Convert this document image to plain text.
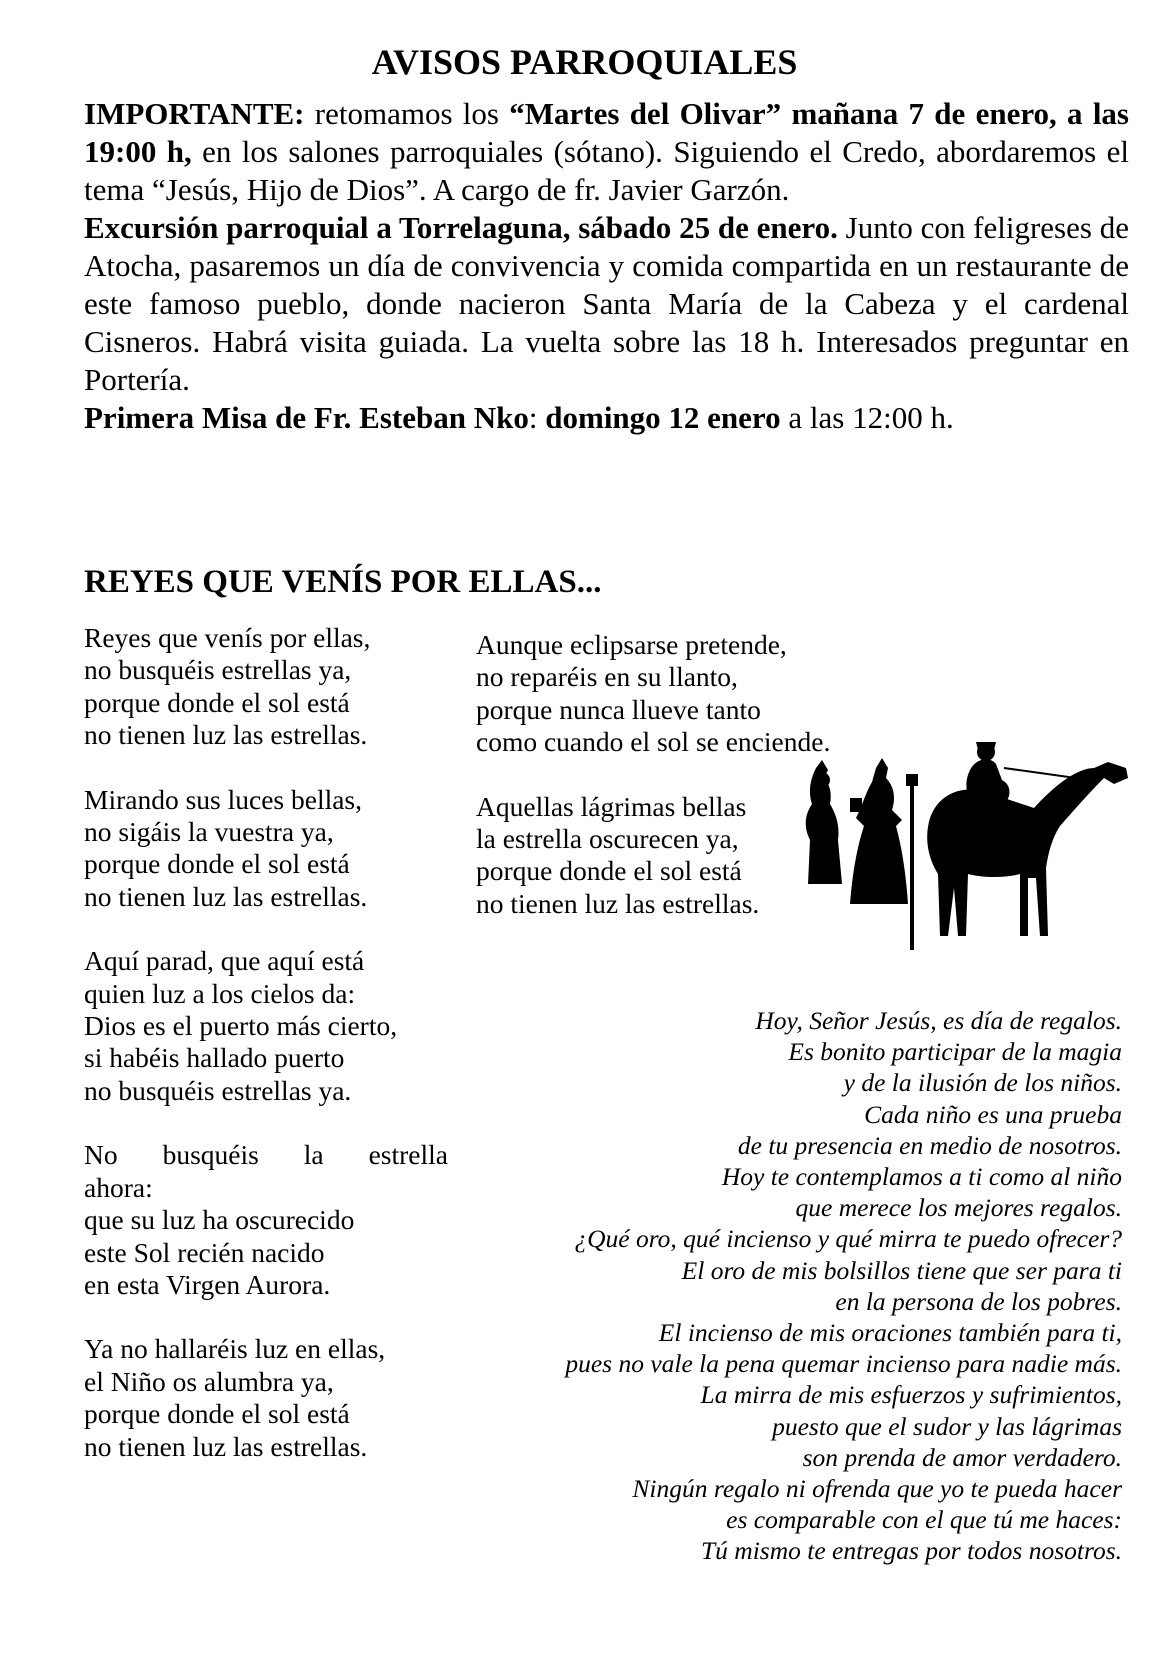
AVISOS PARROQUIALES

IMPORTANTE: retomamos los “Martes del Olivar” mañana 7 de enero, a las 19:00 h, en los salones parroquiales (sótano). Siguiendo el Credo, abordaremos el tema “Jesús, Hijo de Dios”. A cargo de fr. Javier Garzón.

Excursión parroquial a Torrelaguna, sábado 25 de enero. Junto con feligreses de Atocha, pasaremos un día de convivencia y comida compartida en un restaurante de este famoso pueblo, donde nacieron Santa María de la Cabeza y el cardenal Cisneros. Habrá visita guiada. La vuelta sobre las 18 h. Interesados preguntar en Portería.

Primera Misa de Fr. Esteban Nko: domingo 12 enero a las 12:00 h.

REYES QUE VENÍS POR ELLAS...
Reyes que venís por ellas,
no busquéis estrellas ya,
porque donde el sol está
no tienen luz las estrellas.
Mirando sus luces bellas,
no sigáis la vuestra ya,
porque donde el sol está
no tienen luz las estrellas.
Aquí parad, que aquí está
quien luz a los cielos da:
Dios es el puerto más cierto,
si habéis hallado puerto
no busquéis estrellas ya.
No busquéis la estrella
ahora:
que su luz ha oscurecido
este Sol recién nacido
en esta Virgen Aurora.
Ya no hallaréis luz en ellas,
el Niño os alumbra ya,
porque donde el sol está
no tienen luz las estrellas.
Aunque eclipsarse pretende,
no reparéis en su llanto,
porque nunca llueve tanto
como cuando el sol se enciende.
Aquellas lágrimas bellas
la estrella oscurecen ya,
porque donde el sol está
no tienen luz las estrellas.
Hoy, Señor Jesús, es día de regalos.
Es bonito participar de la magia
y de la ilusión de los niños.
Cada niño es una prueba
de tu presencia en medio de nosotros.
Hoy te contemplamos a ti como al niño
que merece los mejores regalos.
¿Qué oro, qué incienso y qué mirra te puedo ofrecer?
El oro de mis bolsillos tiene que ser para ti
en la persona de los pobres.
El incienso de mis oraciones también para ti,
pues no vale la pena quemar incienso para nadie más.
La mirra de mis esfuerzos y sufrimientos,
puesto que el sudor y las lágrimas
son prenda de amor verdadero.
Ningún regalo ni ofrenda que yo te pueda hacer
es comparable con el que tú me haces:
Tú mismo te entregas por todos nosotros.
